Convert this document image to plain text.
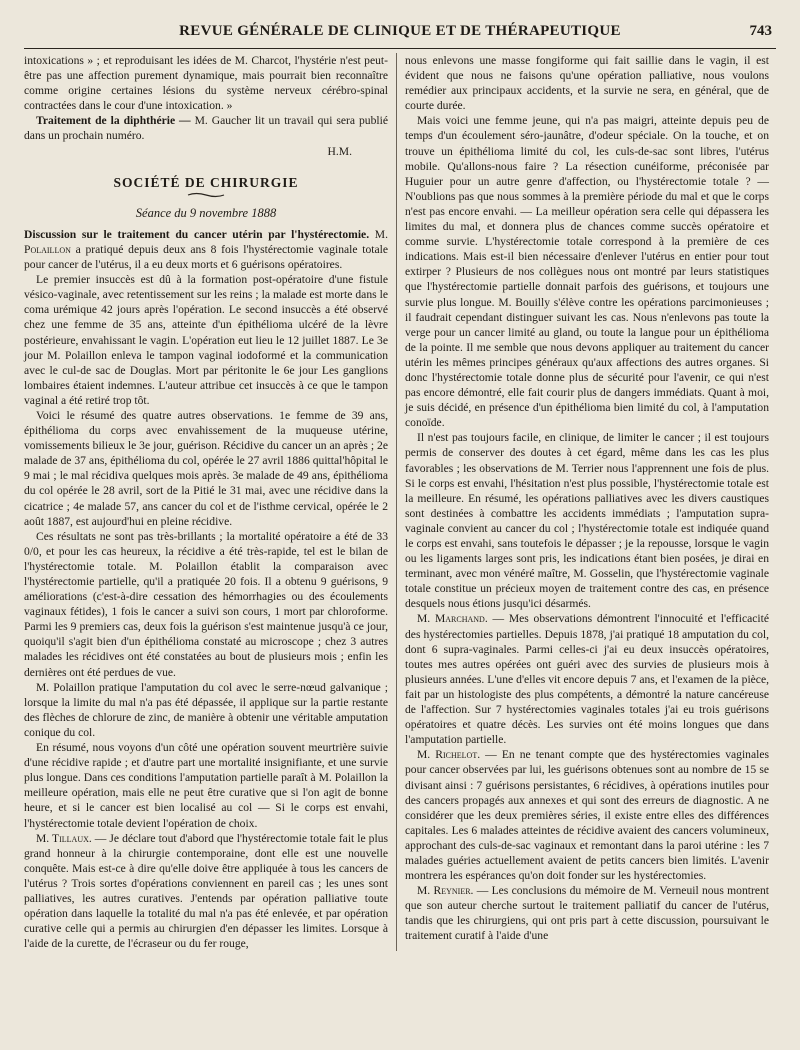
REVUE GÉNÉRALE DE CLINIQUE ET DE THÉRAPEUTIQUE	743

intoxications » ; et reproduisant les idées de M. Charcot, l'hystérie n'est peut-être pas une affection purement dynamique, mais pourrait bien reconnaître comme origine certaines lésions du système nerveux cérébro-spinal contractées dans le cour d'une intoxication. »

Traitement de la diphthérie — M. Gaucher lit un travail qui sera publié dans un prochain numéro.

H.M.

SOCIÉTÉ DE CHIRURGIE
Séance du 9 novembre 1888

Discussion sur le traitement du cancer utérin par l'hystérectomie. M. Polaillon a pratiqué depuis deux ans 8 fois l'hystérectomie vaginale totale pour cancer de l'utérus, il a eu deux morts et 6 guérisons opératoires.

Le premier insuccès est dû à la formation post-opératoire d'une fistule vésico-vaginale, avec retentissement sur les reins ; la malade est morte dans le coma urémique 42 jours après l'opération. Le second insuccès a été observé chez une femme de 35 ans, atteinte d'un épithélioma ulcéré de la lèvre postérieure, envahissant le vagin. L'opération eut lieu le 12 juillet 1887. Le 3e jour M. Polaillon enleva le tampon vaginal iodoformé et la communication avec le cul-de sac de Douglas. Mort par péritonite le 6e jour Les ganglions lombaires étaient indemnes. L'auteur attribue cet insuccès à ce que le tampon vaginal a été retiré trop tôt.

Voici le résumé des quatre autres observations. 1e femme de 39 ans, épithélioma du corps avec envahissement de la muqueuse utérine, vomissements bilieux le 3e jour, guérison. Récidive du cancer un an après ; 2e malade de 37 ans, épithélioma du col, opérée le 27 avril 1886 quittal'hôpital le 9 mai ; le mal récidiva quelques mois après. 3e malade de 49 ans, épithélioma du col opérée le 28 avril, sort de la Pitié le 31 mai, avec une récidive dans la cicatrice ; 4e malade 57, ans cancer du col et de l'isthme cervical, opérée le 2 août 1887, est aujourd'hui en pleine récidive.

Ces résultats ne sont pas très-brillants ; la mortalité opératoire a été de 33 0/0, et pour les cas heureux, la récidive a été très-rapide, tel est le bilan de l'hystérectomie totale. M. Polaillon établit la comparaison avec l'hystérectomie partielle, qu'il a pratiquée 20 fois. Il a obtenu 9 guérisons, 9 améliorations (c'est-à-dire cessation des hémorrhagies ou des écoulements vaginaux fétides), 1 fois le cancer a suivi son cours, 1 mort par chloroforme. Parmi les 9 premiers cas, deux fois la guérison s'est maintenue jusqu'à ce jour, quoiqu'il s'agit bien d'un épithélioma constaté au microscope ; chez 3 autres malades les récidives ont été constatées au bout de plusieurs mois ; enfin les dernières ont été perdues de vue.

M. Polaillon pratique l'amputation du col avec le serre-nœud galvanique ; lorsque la limite du mal n'a pas été dépassée, il applique sur la partie restante des flèches de chlorure de zinc, de manière à obtenir une véritable amputation conique du col.

En résumé, nous voyons d'un côté une opération souvent meurtrière suivie d'une récidive rapide ; et d'autre part une mortalité insignifiante, et une survie plus longue. Dans ces conditions l'amputation partielle paraît à M. Polaillon la meilleure opération, mais elle ne peut être curative que si l'on agit de bonne heure, et si le cancer est bien localisé au col — Si le corps est envahi, l'hystérectomie totale devient l'opération de choix.

M. Tillaux. — Je déclare tout d'abord que l'hystérectomie totale fait le plus grand honneur à la chirurgie contemporaine, dont elle est une nouvelle conquête. Mais est-ce à dire qu'elle doive être appliquée à tous les cancers de l'utérus ? Trois sortes d'opérations conviennent en pareil cas ; les unes sont palliatives, les autres curatives. J'entends par opération palliative toute opération dans laquelle la totalité du mal n'a pas été enlevée, et par opération curative celle qui a permis au chirurgien d'en dépasser les limites. Lorsque à l'aide de la curette, de l'écraseur ou du fer rouge,

nous enlevons une masse fongiforme qui fait saillie dans le vagin, il est évident que nous ne faisons qu'une opération palliative, nous voulons remédier aux principaux accidents, et la survie ne sera, en général, que de courte durée.

Mais voici une femme jeune, qui n'a pas maigri, atteinte depuis peu de temps d'un écoulement séro-jaunâtre, d'odeur spéciale. On la touche, et on trouve un épithélioma limité du col, les culs-de-sac sont libres, l'utérus mobile. Qu'allons-nous faire ? La résection cunéiforme, préconisée par Huguier pour un autre genre d'affection, ou l'hystérectomie totale ? — N'oublions pas que nous sommes à la première période du mal et que le corps n'est pas encore envahi. — La meilleur opération sera celle qui dépassera les limites du mal, et donnera plus de chances comme succès opératoire et comme survie. L'hystérectomie totale correspond à la première de ces indications. Mais est-il bien nécessaire d'enlever l'utérus en entier pour tout extirper ? Plusieurs de nos collègues nous ont montré par leurs statistiques que l'hystérectomie partielle donnait parfois des guérisons, et toujours une survie plus longue. M. Bouilly s'élève contre les opérations parcimonieuses ; il faudrait cependant distinguer suivant les cas. Nous n'enlevons pas toute la verge pour un cancer limité au gland, ou toute la langue pour un épithélioma de la pointe. Il me semble que nous devons appliquer au traitement du cancer utérin les mêmes principes généraux qu'aux affections des autres organes. Si donc l'hystérectomie totale donne plus de sécurité pour l'avenir, ce qui n'est pas encore démontré, elle fait courir plus de dangers immédiats. Quant à moi, je suis décidé, en présence d'un épithélioma bien limité du col, à l'amputation conoïde.

Il n'est pas toujours facile, en clinique, de limiter le cancer ; il est toujours permis de conserver des doutes à cet égard, même dans les cas les plus favorables ; les observations de M. Terrier nous l'apprennent une fois de plus. Si le corps est envahi, l'hésitation n'est plus possible, l'hystérectomie totale est la meilleure. En résumé, les opérations palliatives avec les divers caustiques sont destinées à combattre les accidents immédiats ; l'amputation supra-vaginale convient au cancer du col ; l'hystérectomie totale est indiquée quand le corps est envahi, sans toutefois le dépasser ; je la repousse, lorsque le vagin ou les ligaments larges sont pris, les indications étant bien posées, je dirai en terminant, avec mon vénéré maître, M. Gosselin, que l'hystérectomie vaginale totale constitue un précieux moyen de traitement contre des cas, en présence desquels nous étions jusqu'ici désarmés.

M. Marchand. — Mes observations démontrent l'innocuité et l'efficacité des hystérectomies partielles. Depuis 1878, j'ai pratiqué 18 amputation du col, dont 6 supra-vaginales. Parmi celles-ci j'ai eu deux insuccès opératoires, toutes mes autres opérées ont guéri avec des survies de plusieurs mois à plusieurs années. L'une d'elles vit encore depuis 7 ans, et l'examen de la pièce, fait par un histologiste des plus compétents, a démontré la nature cancéreuse de l'affection. Sur 7 hystérectomies vaginales totales j'ai eu trois guérisons opératoires et quatre décès. Les survies ont été moins longues que dans l'amputation partielle.

M. Richelot. — En ne tenant compte que des hystérectomies vaginales pour cancer observées par lui, les guérisons obtenues sont au nombre de 15 se divisant ainsi : 7 guérisons persistantes, 6 récidives, à opérations inutiles pour des cancers propagés aux annexes et qui sont des erreurs de diagnostic. A ne considérer que les deux premières séries, il existe entre elles des différences capitales. Les 6 malades atteintes de récidive avaient des cancers volumineux, approchant des culs-de-sac vaginaux et remontant dans la paroi utérine : les 7 malades guéries actuellement avaient de petits cancers bien limités. L'avenir montrera les espérances qu'on doit fonder sur les hystérectomies.

M. Reynier. — Les conclusions du mémoire de M. Verneuil nous montrent que son auteur cherche surtout le traitement palliatif du cancer de l'utérus, tandis que les chirurgiens, qui ont pris part à cette discussion, poursuivant le traitement curatif à l'aide d'une
